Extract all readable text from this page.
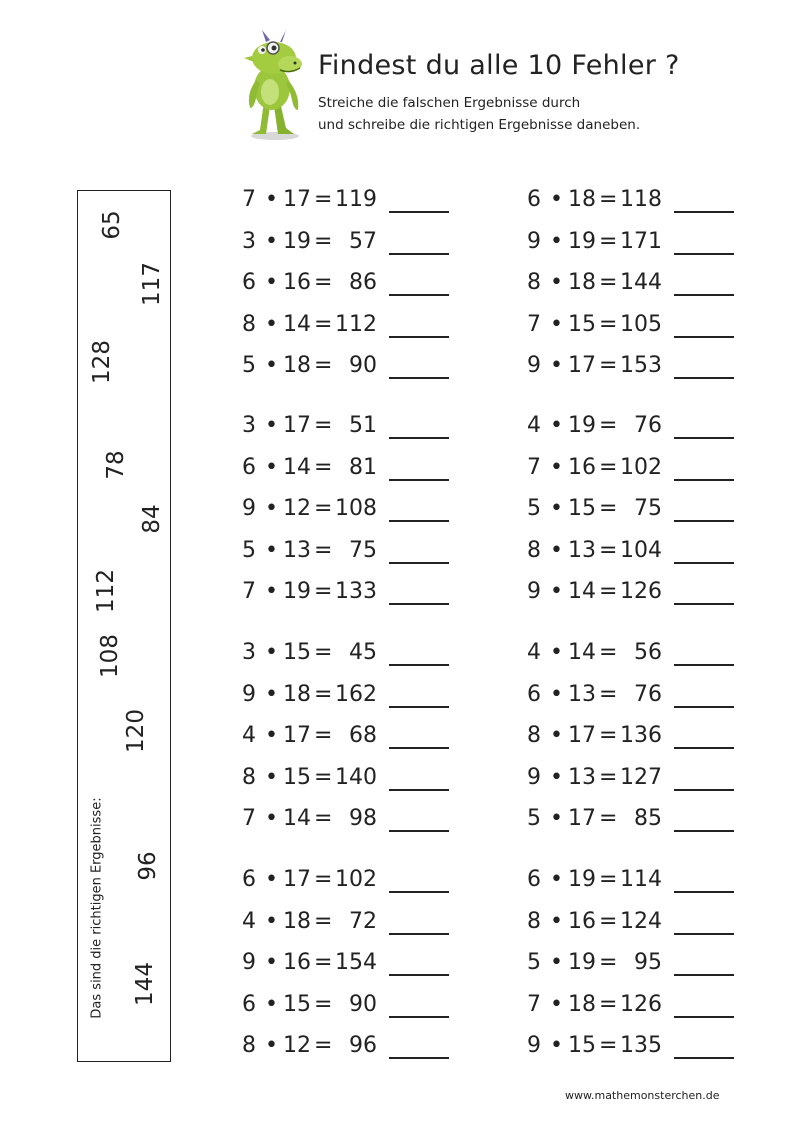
Findest du alle 10 Fehler ?
Streiche die falschen Ergebnisse durch
und schreibe die richtigen Ergebnisse daneben.
Das sind die richtigen Ergebnisse:
65
117
128
78
84
112
108
120
96
144
7 • 17 = 119
3 • 19 = 57
6 • 16 = 86
8 • 14 = 112
5 • 18 = 90
3 • 17 = 51
6 • 14 = 81
9 • 12 = 108
5 • 13 = 75
7 • 19 = 133
3 • 15 = 45
9 • 18 = 162
4 • 17 = 68
8 • 15 = 140
7 • 14 = 98
6 • 17 = 102
4 • 18 = 72
9 • 16 = 154
6 • 15 = 90
8 • 12 = 96
6 • 18 = 118
9 • 19 = 171
8 • 18 = 144
7 • 15 = 105
9 • 17 = 153
4 • 19 = 76
7 • 16 = 102
5 • 15 = 75
8 • 13 = 104
9 • 14 = 126
4 • 14 = 56
6 • 13 = 76
8 • 17 = 136
9 • 13 = 127
5 • 17 = 85
6 • 19 = 114
8 • 16 = 124
5 • 19 = 95
7 • 18 = 126
9 • 15 = 135
www.mathemonsterchen.de
